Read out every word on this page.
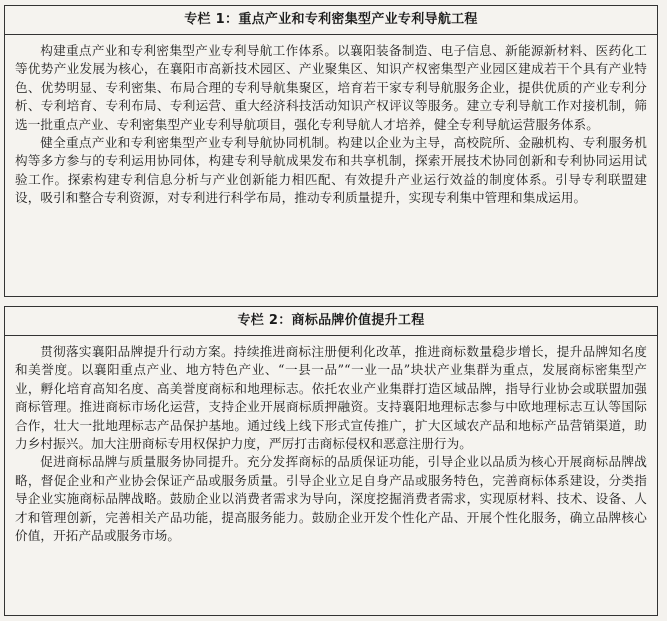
专栏 1：重点产业和专利密集型产业专利导航工程

构建重点产业和专利密集型产业专利导航工作体系。以襄阳装备制造、电子信息、新能源新材料、医药化工等优势产业发展为核心，在襄阳市高新技术园区、产业聚集区、知识产权密集型产业园区建成若干个具有产业特色、优势明显、专利密集、布局合理的专利导航集聚区，培育若干家专利导航服务企业，提供优质的产业专利分析、专利培育、专利布局、专利运营、重大经济科技活动知识产权评议等服务。建立专利导航工作对接机制，筛选一批重点产业、专利密集型产业专利导航项目，强化专利导航人才培养，健全专利导航运营服务体系。

健全重点产业和专利密集型产业专利导航协同机制。构建以企业为主导，高校院所、金融机构、专利服务机构等多方参与的专利运用协同体，构建专利导航成果发布和共享机制，探索开展技术协同创新和专利协同运用试验工作。探索构建专利信息分析与产业创新能力相匹配、有效提升产业运行效益的制度体系。引导专利联盟建设，吸引和整合专利资源，对专利进行科学布局，推动专利质量提升，实现专利集中管理和集成运用。

专栏 2：商标品牌价值提升工程

贯彻落实襄阳品牌提升行动方案。持续推进商标注册便利化改革，推进商标数量稳步增长，提升品牌知名度和美誉度。以襄阳重点产业、地方特色产业、“一县一品”“一业一品”块状产业集群为重点，发展商标密集型产业，孵化培育高知名度、高美誉度商标和地理标志。依托农业产业集群打造区域品牌，指导行业协会或联盟加强商标管理。推进商标市场化运营，支持企业开展商标质押融资。支持襄阳地理标志参与中欧地理标志互认等国际合作，壮大一批地理标志产品保护基地。通过线上线下形式宣传推广，扩大区域农产品和地标产品营销渠道，助力乡村振兴。加大注册商标专用权保护力度，严厉打击商标侵权和恶意注册行为。

促进商标品牌与质量服务协同提升。充分发挥商标的品质保证功能，引导企业以品质为核心开展商标品牌战略，督促企业和产业协会保证产品或服务质量。引导企业立足自身产品或服务特色，完善商标体系建设，分类指导企业实施商标品牌战略。鼓励企业以消费者需求为导向，深度挖掘消费者需求，实现原材料、技术、设备、人才和管理创新，完善相关产品功能，提高服务能力。鼓励企业开发个性化产品、开展个性化服务，确立品牌核心价值，开拓产品或服务市场。
